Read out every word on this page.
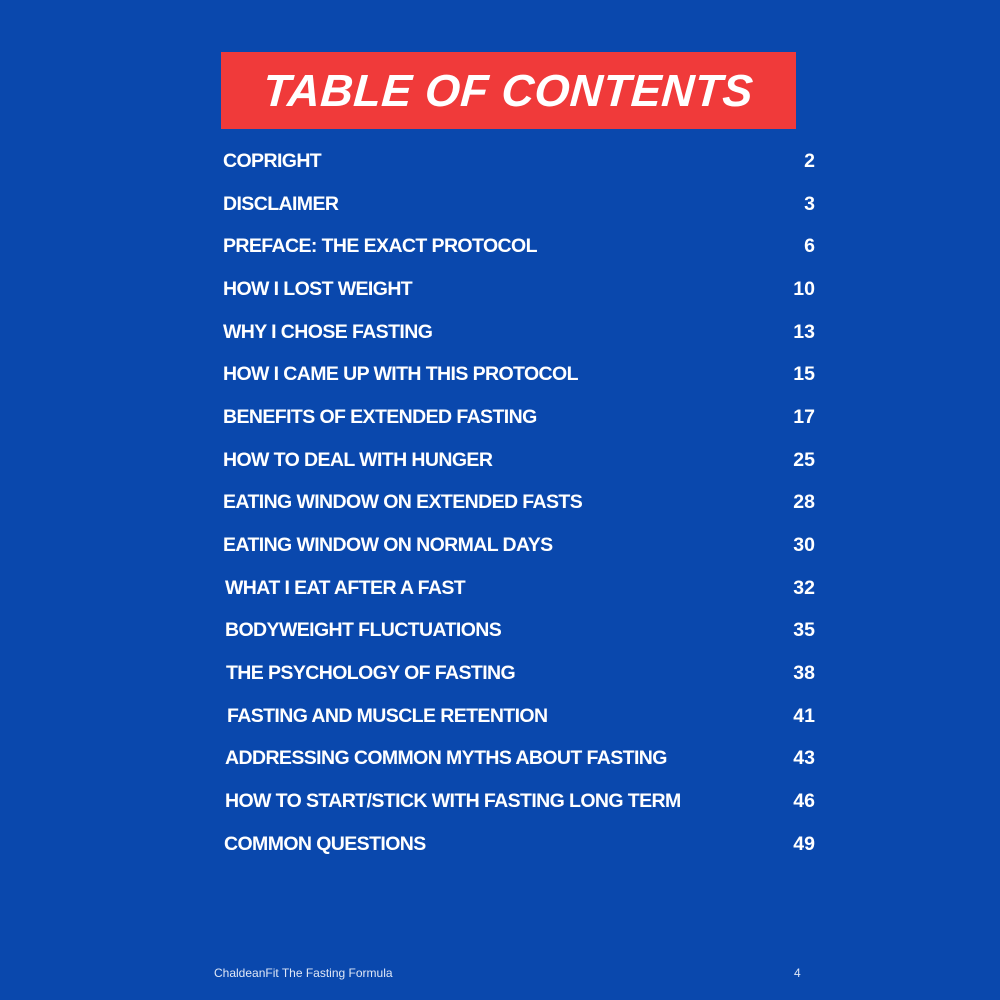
TABLE OF CONTENTS
COPRIGHT	2
DISCLAIMER	3
PREFACE: THE EXACT PROTOCOL	6
HOW I LOST WEIGHT	10
WHY I CHOSE FASTING	13
HOW I CAME UP WITH THIS PROTOCOL	15
BENEFITS OF EXTENDED FASTING	17
HOW TO DEAL WITH HUNGER	25
EATING WINDOW ON EXTENDED FASTS	28
EATING WINDOW ON NORMAL DAYS	30
WHAT I EAT AFTER A FAST	32
BODYWEIGHT FLUCTUATIONS	35
THE PSYCHOLOGY OF FASTING	38
FASTING AND MUSCLE RETENTION	41
ADDRESSING COMMON MYTHS ABOUT FASTING	43
HOW TO START/STICK WITH FASTING LONG TERM	46
COMMON QUESTIONS	49
ChaldeanFit The Fasting Formula	4
